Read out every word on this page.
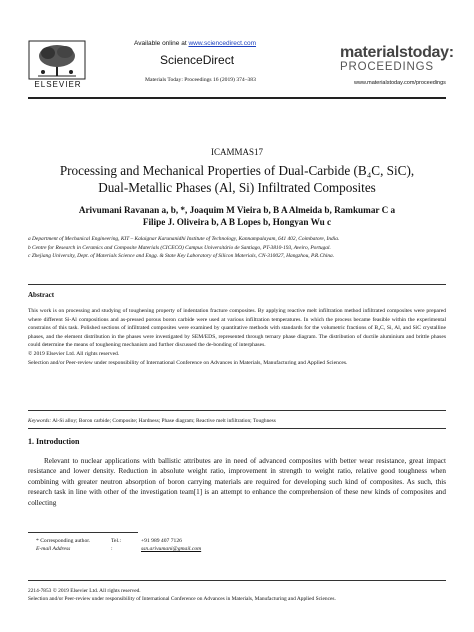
ELSEVIER
Available online at www.sciencedirect.com
ScienceDirect
Materials Today: Proceedings 16 (2019) 374–383
materialstoday:
PROCEEDINGS
www.materialstoday.com/proceedings
ICAMMAS17
Processing and Mechanical Properties of Dual-Carbide (B₄C, SiC),
Dual-Metallic Phases (Al, Si) Infiltrated Composites
Arivumani Ravanan a, b, *, Joaquim M Vieira b, B A Almeida b, Ramkumar C a
Filipe J. Oliveira b, A B Lopes b, Hongyan Wu c
a Department of Mechanical Engineering, KIT – Kalaignar Karunanidhi Institute of Technology, Kannampalayam, 641 402, Coimbatore, India.
b Centre for Research in Ceramics and Composite Materials (CICECO) Campus Universitário de Santiago, PT-3810-193, Aveiro, Portugal.
c Zhejiang University, Dept. of Materials Science and Engg. & State Key Laboratory of Silicon Materials, CN-310027, Hangzhou, P.R.China.
Abstract
This work is on processing and studying of toughening property of indentation fracture composites. By applying reactive melt infiltration method infiltrated composites were prepared where different Si-Al compositions and as-pressed porous boron carbide were used at various infiltration temperatures. In which the process became feasible within the experimental constrains of this task. Polished sections of infiltrated composites were examined by quantitative methods with standards for the volumetric fractions of B₄C, Si, Al, and SiC crystalline phases, and the element distribution in the phases were investigated by SEM/EDS, represented through ternary phase diagram. The distribution of ductile aluminium and brittle phases could determine the means of toughening mechanism and further discussed the de-bonding of interphases.
© 2019 Elsevier Ltd. All rights reserved.
Selection and/or Peer-review under responsibility of International Conference on Advances in Materials, Manufacturing and Applied Sciences.
Keywords: Al-Si alloy; Boron carbide; Composite; Hardness; Phase diagram; Reactive melt infiltration; Toughness
1. Introduction
Relevant to nuclear applications with ballistic attributes are in need of advanced composites with better wear resistance, great impact resistance and lower density. Reduction in absolute weight ratio, improvement in strength to weight ratio, relative good toughness when combining with greater neutron absorption of boron carrying materials are required for developing such kind of composites. As such, this research task in line with other of the investigation team[1] is an attempt to enhance the comprehension of these new kinds of composites and collecting
* Corresponding author.	Tel.:	+91 989 407 7126
E-mail Address	:	ssn.arivumani@gmail.com
2214-7853 © 2019 Elsevier Ltd. All rights reserved.
Selection and/or Peer-review under responsibility of International Conference on Advances in Materials, Manufacturing and Applied Sciences.
